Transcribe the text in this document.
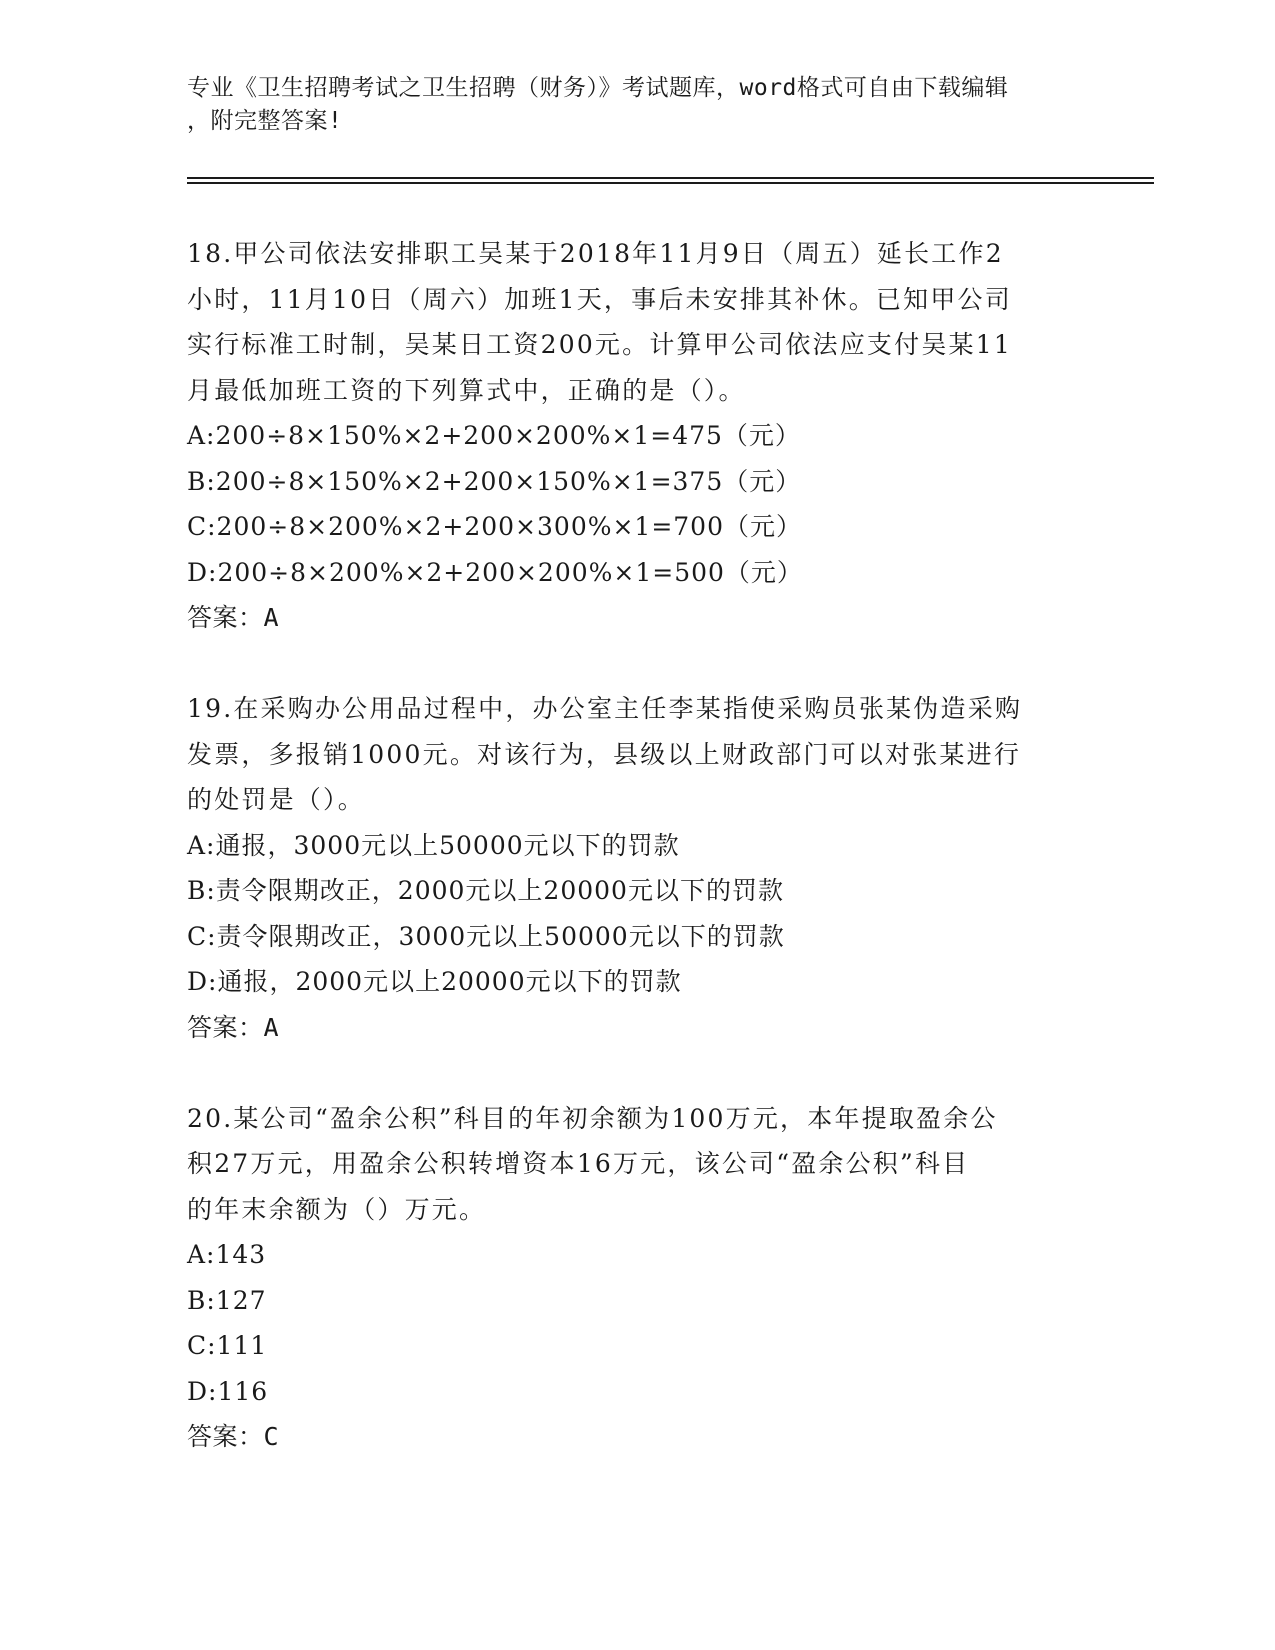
专业《卫生招聘考试之卫生招聘（财务）》考试题库，word格式可自由下载编辑
，附完整答案!
18.甲公司依法安排职工吴某于2018年11月9日（周五）延长工作2
小时，11月10日（周六）加班1天，事后未安排其补休。已知甲公司
实行标准工时制，吴某日工资200元。计算甲公司依法应支付吴某11
月最低加班工资的下列算式中，正确的是（）。
A:200÷8×150%×2+200×200%×1=475（元）
B:200÷8×150%×2+200×150%×1=375（元）
C:200÷8×200%×2+200×300%×1=700（元）
D:200÷8×200%×2+200×200%×1=500（元）
答案：A
19.在采购办公用品过程中，办公室主任李某指使采购员张某伪造采购
发票，多报销1000元。对该行为，县级以上财政部门可以对张某进行
的处罚是（）。
A:通报，3000元以上50000元以下的罚款
B:责令限期改正，2000元以上20000元以下的罚款
C:责令限期改正，3000元以上50000元以下的罚款
D:通报，2000元以上20000元以下的罚款
答案：A
20.某公司“盈余公积”科目的年初余额为100万元，本年提取盈余公
积27万元，用盈余公积转增资本16万元，该公司“盈余公积”科目
的年末余额为（）万元。
A:143
B:127
C:111
D:116
答案：C
